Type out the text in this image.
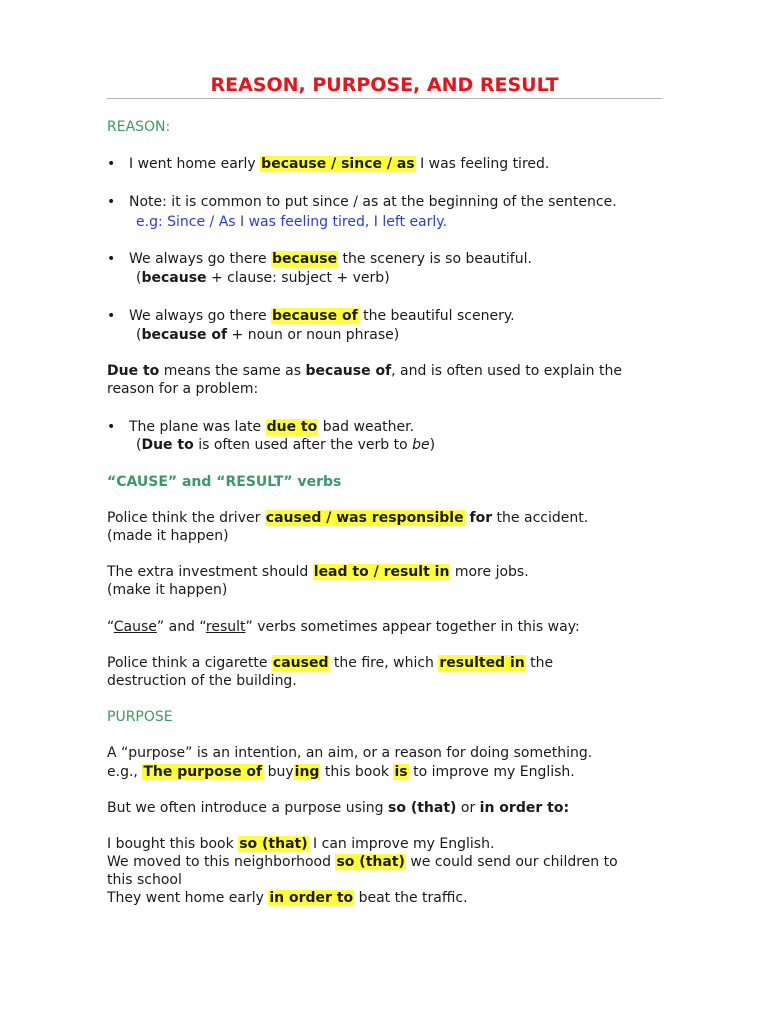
REASON, PURPOSE, AND RESULT
REASON:
• I went home early because / since / as I was feeling tired.
• Note: it is common to put since / as at the beginning of the sentence.
e.g: Since / As I was feeling tired, I left early.
• We always go there because the scenery is so beautiful.
(because + clause: subject + verb)
• We always go there because of the beautiful scenery.
(because of + noun or noun phrase)
Due to means the same as because of, and is often used to explain the
reason for a problem:
• The plane was late due to bad weather.
(Due to is often used after the verb to be)
“CAUSE” and “RESULT” verbs
Police think the driver caused / was responsible for the accident.
(made it happen)
The extra investment should lead to / result in more jobs.
(make it happen)
“Cause” and “result” verbs sometimes appear together in this way:
Police think a cigarette caused the fire, which resulted in the
destruction of the building.
PURPOSE
A “purpose” is an intention, an aim, or a reason for doing something.
e.g., The purpose of buying this book is to improve my English.
But we often introduce a purpose using so (that) or in order to:
I bought this book so (that) I can improve my English.
We moved to this neighborhood so (that) we could send our children to
this school
They went home early in order to beat the traffic.
